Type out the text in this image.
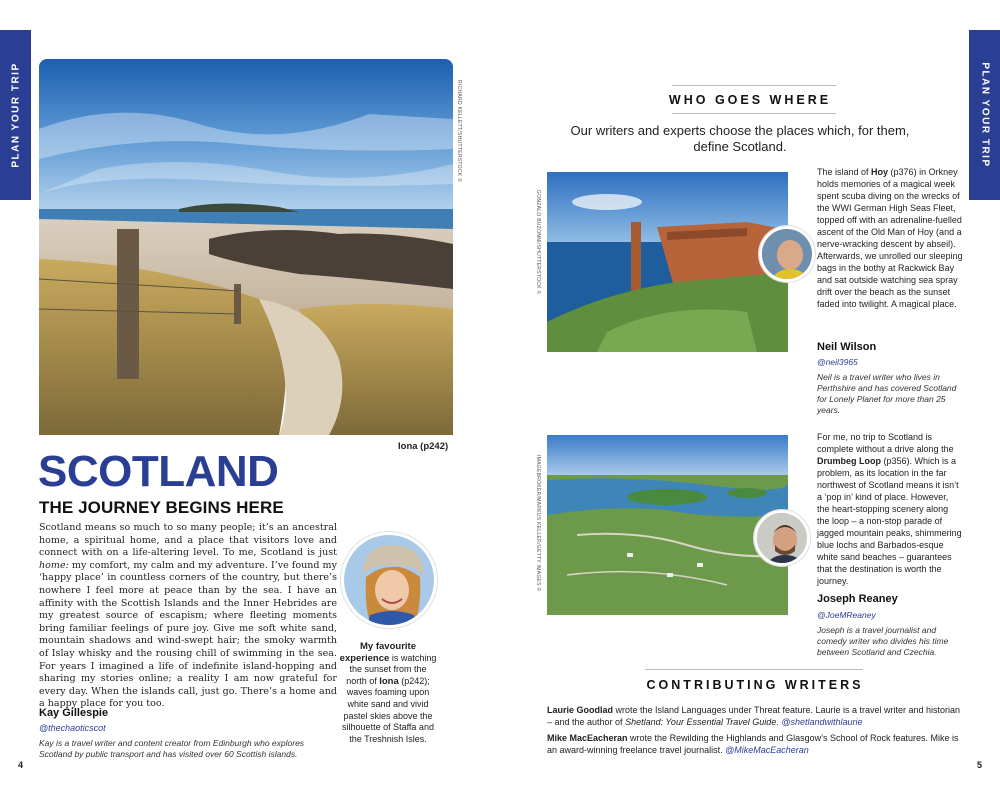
PLAN YOUR TRIP	PLAN YOUR TRIP
RICHARD KELLETT/SHUTTERSTOCK ©
Iona (p242)
SCOTLAND
THE JOURNEY BEGINS HERE
Scotland means so much to so many people; it’s an ancestral home, a spiritual home, and a place that visitors love and connect with on a life-altering level. To me, Scotland is just home: my comfort, my calm and my adventure. I’ve found my ‘happy place’ in countless corners of the country, but there’s nowhere I feel more at peace than by the sea. I have an affinity with the Scottish Islands and the Inner Hebrides are my greatest source of escapism; where fleeting moments bring familiar feelings of pure joy. Give me soft white sand, mountain shadows and wind-swept hair; the smoky warmth of Islay whisky and the rousing chill of swimming in the sea. For years I imagined a life of indefinite island-hopping and sharing my stories online; a reality I am now grateful for every day. When the islands call, just go. There’s a home and a happy place for you too.
Kay Gillespie
@thechaoticscot
Kay is a travel writer and content creator from Edinburgh who explores Scotland by public transport and has visited over 60 Scottish islands.
My favourite experience is watching the sunset from the north of Iona (p242); waves foaming upon white sand and vivid pastel skies above the silhouette of Staffa and the Treshnish Isles.
4
WHO GOES WHERE
Our writers and experts choose the places which, for them, define Scotland.
GONZALO BUZONNI/SHUTTERSTOCK ©
The island of Hoy (p376) in Orkney holds memories of a magical week spent scuba diving on the wrecks of the WWI German High Seas Fleet, topped off with an adrenaline-fuelled ascent of the Old Man of Hoy (and a nerve-wracking descent by abseil). Afterwards, we unrolled our sleeping bags in the bothy at Rackwick Bay and sat outside watching sea spray drift over the beach as the sunset faded into twilight. A magical place.
Neil Wilson
@neil3965
Neil is a travel writer who lives in Perthshire and has covered Scotland for Lonely Planet for more than 25 years.
IMAGEBROKER/MARKUS KELLER/GETTY IMAGES ©
For me, no trip to Scotland is complete without a drive along the Drumbeg Loop (p356). Which is a problem, as its location in the far northwest of Scotland means it isn’t a ‘pop in’ kind of place. However, the heart-stopping scenery along the loop – a non-stop parade of jagged mountain peaks, shimmering blue lochs and Barbados-esque white sand beaches – guarantees that the destination is worth the journey.
Joseph Reaney
@JoeMReaney
Joseph is a travel journalist and comedy writer who divides his time between Scotland and Czechia.
CONTRIBUTING WRITERS
Laurie Goodlad wrote the Island Languages under Threat feature. Laurie is a travel writer and historian – and the author of Shetland: Your Essential Travel Guide. @shetlandwithlaurie
Mike MacEacheran wrote the Rewilding the Highlands and Glasgow’s School of Rock features. Mike is an award-winning freelance travel journalist. @MikeMacEacheran
5
